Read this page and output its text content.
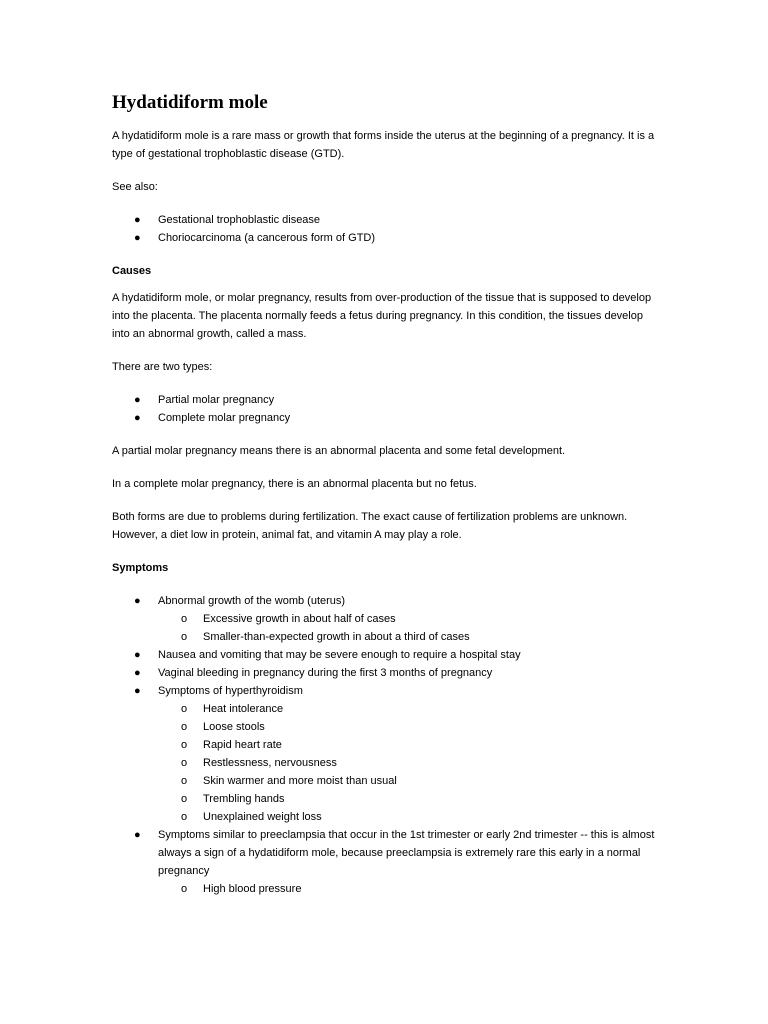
Hydatidiform mole

A hydatidiform mole is a rare mass or growth that forms inside the uterus at the beginning of a pregnancy. It is a type of gestational trophoblastic disease (GTD).

See also:

● Gestational trophoblastic disease
● Choriocarcinoma (a cancerous form of GTD)
Causes

A hydatidiform mole, or molar pregnancy, results from over-production of the tissue that is supposed to develop into the placenta. The placenta normally feeds a fetus during pregnancy. In this condition, the tissues develop into an abnormal growth, called a mass.

There are two types:

● Partial molar pregnancy
● Complete molar pregnancy

A partial molar pregnancy means there is an abnormal placenta and some fetal development.

In a complete molar pregnancy, there is an abnormal placenta but no fetus.

Both forms are due to problems during fertilization. The exact cause of fertilization problems are unknown. However, a diet low in protein, animal fat, and vitamin A may play a role.

Symptoms
● Abnormal growth of the womb (uterus)
o Excessive growth in about half of cases
o Smaller-than-expected growth in about a third of cases
● Nausea and vomiting that may be severe enough to require a hospital stay
● Vaginal bleeding in pregnancy during the first 3 months of pregnancy
● Symptoms of hyperthyroidism
o Heat intolerance
o Loose stools
o Rapid heart rate
o Restlessness, nervousness
o Skin warmer and more moist than usual
o Trembling hands
o Unexplained weight loss
● Symptoms similar to preeclampsia that occur in the 1st trimester or early 2nd trimester -- this is almost always a sign of a hydatidiform mole, because preeclampsia is extremely rare this early in a normal pregnancy
o High blood pressure
